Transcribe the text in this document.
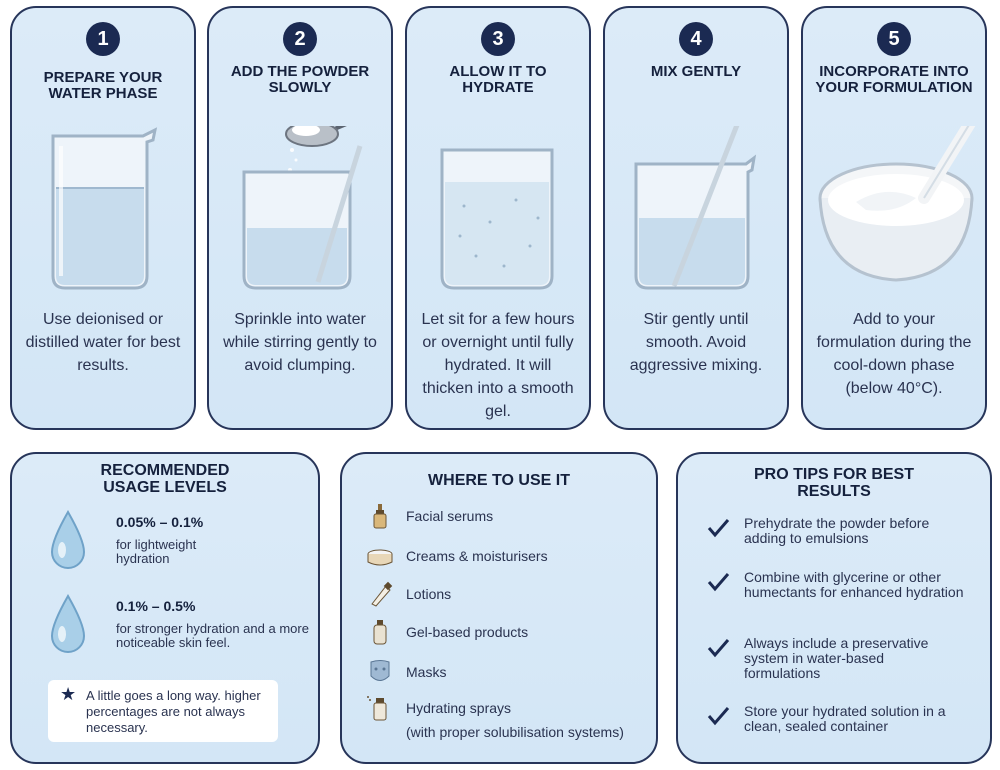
1
PREPARE YOUR WATER PHASE
Use deionised or distilled water for best results.
2
ADD THE POWDER SLOWLY
Sprinkle into water while stirring gently to avoid clumping.
3
ALLOW IT TO HYDRATE
Let sit for a few hours or overnight until fully hydrated. It will thicken into a smooth gel.
4
MIX GENTLY
Stir gently until smooth. Avoid aggressive mixing.
5
INCORPORATE INTO YOUR FORMULATION
Add to your formulation during the cool-down phase (below 40°C).
RECOMMENDED USAGE LEVELS
0.05% – 0.1%
for lightweight hydration
0.1% – 0.5%
for stronger hydration and a more noticeable skin feel.
★ A little goes a long way. higher percentages are not always necessary.
WHERE TO USE IT
Facial serums
Creams & moisturisers
Lotions
Gel-based products
Masks
Hydrating sprays
(with proper solubilisation systems)
PRO TIPS FOR BEST RESULTS
Prehydrate the powder before adding to emulsions
Combine with glycerine or other humectants for enhanced hydration
Always include a preservative system in water-based formulations
Store your hydrated solution in a clean, sealed container
